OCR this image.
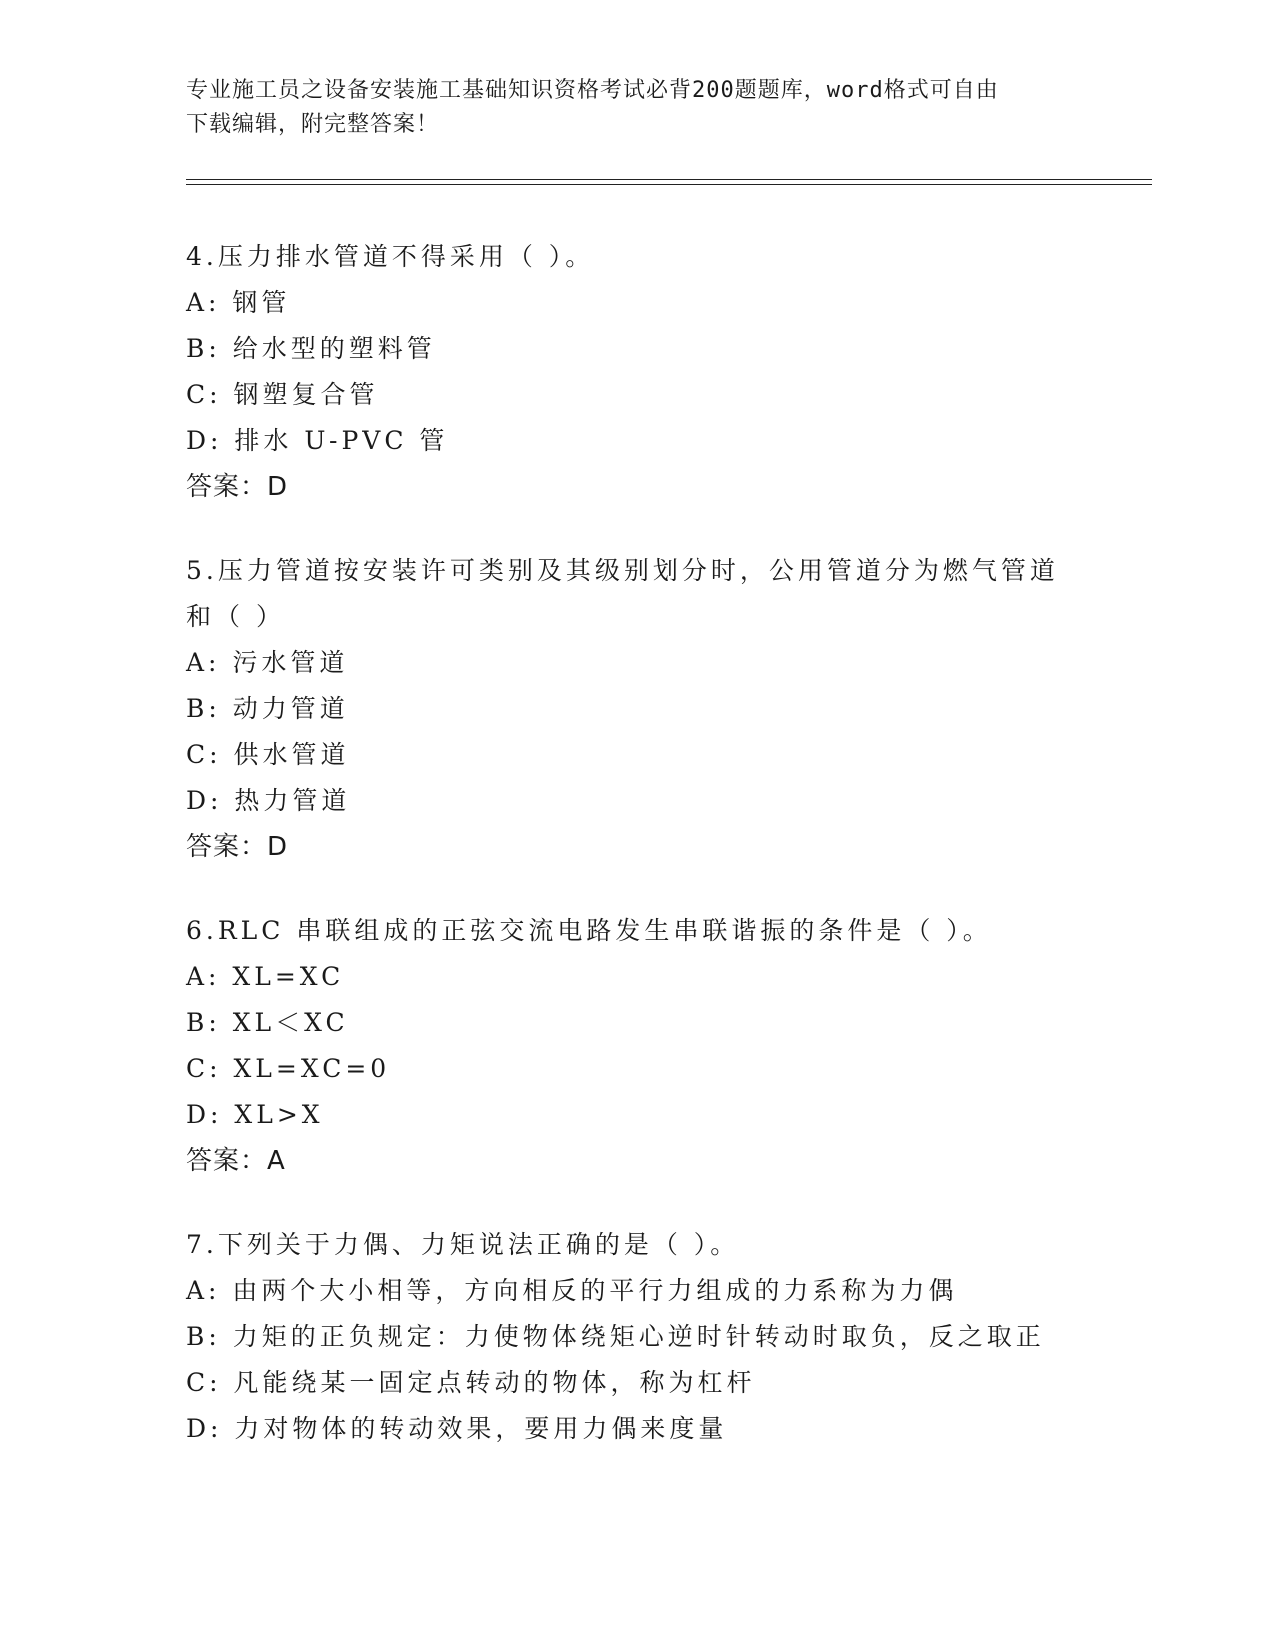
专业施工员之设备安装施工基础知识资格考试必背200题题库，word格式可自由
下载编辑，附完整答案！

4.压力排水管道不得采用（ ）。

A: 钢管

B: 给水型的塑料管

C: 钢塑复合管

D: 排水 U-PVC 管

答案：D

5.压力管道按安装许可类别及其级别划分时，公用管道分为燃气管道和（ ）

A: 污水管道

B: 动力管道

C: 供水管道

D: 热力管道

答案：D

6.RLC 串联组成的正弦交流电路发生串联谐振的条件是（ ）。

A: XL=XC

B: XL＜XC

C: XL=XC=0

D: XL>X

答案：A

7.下列关于力偶、力矩说法正确的是（ ）。

A: 由两个大小相等，方向相反的平行力组成的力系称为力偶

B: 力矩的正负规定：力使物体绕矩心逆时针转动时取负，反之取正

C: 凡能绕某一固定点转动的物体，称为杠杆

D: 力对物体的转动效果，要用力偶来度量
